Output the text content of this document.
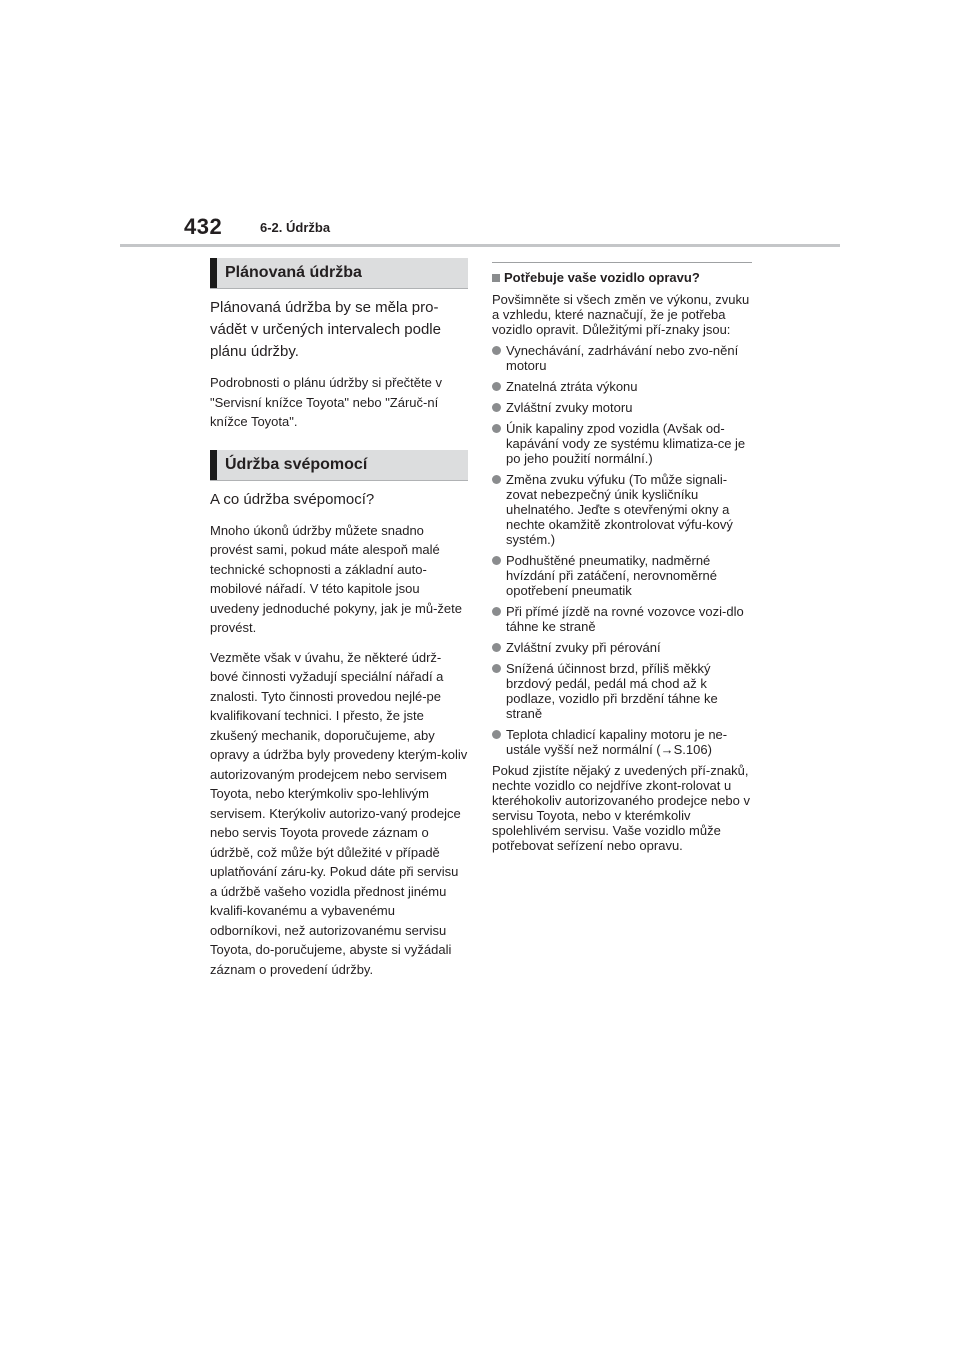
432	6-2. Údržba
Plánovaná údržba

Plánovaná údržba by se měla pro-vádět v určených intervalech podle plánu údržby.

Podrobnosti o plánu údržby si přečtěte v "Servisní knížce Toyota" nebo "Záruč-ní knížce Toyota".

Údržba svépomocí

A co údržba svépomocí?

Mnoho úkonů údržby můžete snadno provést sami, pokud máte alespoň malé technické schopnosti a základní auto-mobilové nářadí. V této kapitole jsou uvedeny jednoduché pokyny, jak je mů-žete provést.

Vezměte však v úvahu, že některé údrž-bové činnosti vyžadují speciální nářadí a znalosti. Tyto činnosti provedou nejlé-pe kvalifikovaní technici. I přesto, že jste zkušený mechanik, doporučujeme, aby opravy a údržba byly provedeny kterým-koliv autorizovaným prodejcem nebo servisem Toyota, nebo kterýmkoliv spo-lehlivým servisem. Kterýkoliv autorizo-vaný prodejce nebo servis Toyota provede záznam o údržbě, což může být důležité v případě uplatňování záru-ky. Pokud dáte při servisu a údržbě vašeho vozidla přednost jinému kvalifi-kovanému a vybavenému odborníkovi, než autorizovanému servisu Toyota, do-poručujeme, abyste si vyžádali záznam o provedení údržby.

Potřebuje vaše vozidlo opravu?

Povšimněte si všech změn ve výkonu, zvuku a vzhledu, které naznačují, že je potřeba vozidlo opravit. Důležitými pří-znaky jsou:

Vynechávání, zadrhávání nebo zvo-nění motoru
Znatelná ztráta výkonu
Zvláštní zvuky motoru
Únik kapaliny zpod vozidla (Avšak od-kapávání vody ze systému klimatiza-ce je po jeho použití normální.)
Změna zvuku výfuku (To může signali-zovat nebezpečný únik kysličníku uhelnatého. Jeďte s otevřenými okny a nechte okamžitě zkontrolovat výfu-kový systém.)
Podhuštěné pneumatiky, nadměrné hvízdání při zatáčení, nerovnoměrné opotřebení pneumatik
Při přímé jízdě na rovné vozovce vozi-dlo táhne ke straně
Zvláštní zvuky při pérování
Snížená účinnost brzd, příliš měkký brzdový pedál, pedál má chod až k podlaze, vozidlo při brzdění táhne ke straně
Teplota chladicí kapaliny motoru je ne-ustále vyšší než normální (→S.106)

Pokud zjistíte nějaký z uvedených pří-znaků, nechte vozidlo co nejdříve zkont-rolovat u kteréhokoliv autorizovaného prodejce nebo v servisu Toyota, nebo v kterémkoliv spolehlivém servisu. Vaše vozidlo může potřebovat seřízení nebo opravu.
